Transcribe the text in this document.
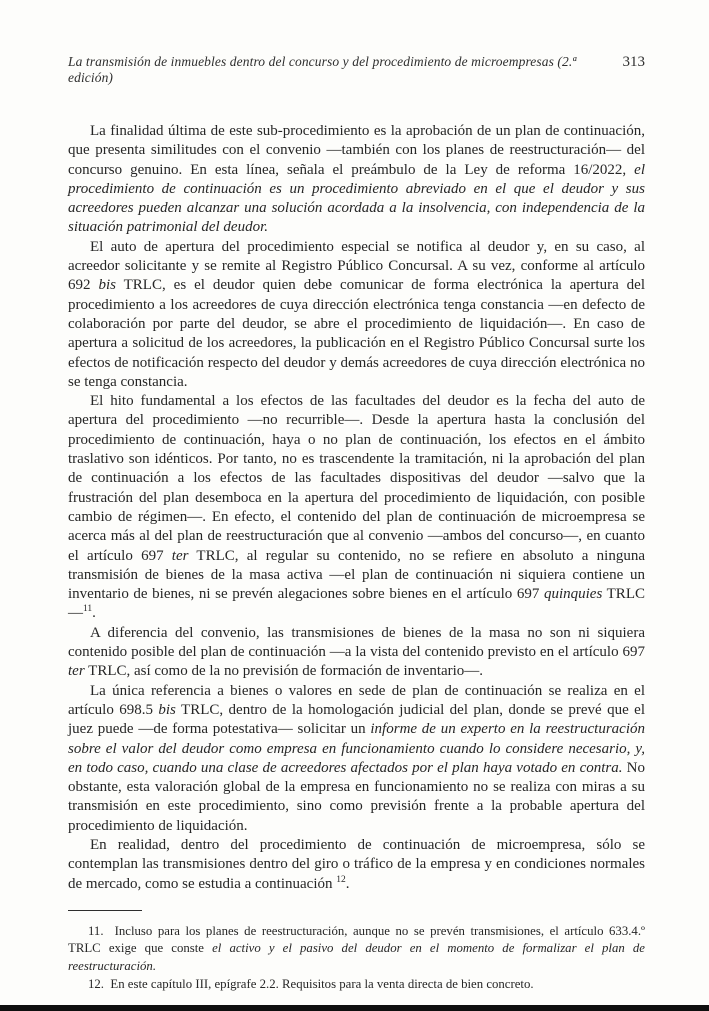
La transmisión de inmuebles dentro del concurso y del procedimiento de microempresas (2.ª edición)
313

La finalidad última de este sub-procedimiento es la aprobación de un plan de continuación, que presenta similitudes con el convenio —también con los planes de reestructuración— del concurso genuino. En esta línea, señala el preámbulo de la Ley de reforma 16/2022, el procedimiento de continuación es un procedimiento abreviado en el que el deudor y sus acreedores pueden alcanzar una solución acordada a la insolvencia, con independencia de la situación patrimonial del deudor.

El auto de apertura del procedimiento especial se notifica al deudor y, en su caso, al acreedor solicitante y se remite al Registro Público Concursal. A su vez, conforme al artículo 692 bis TRLC, es el deudor quien debe comunicar de forma electrónica la apertura del procedimiento a los acreedores de cuya dirección electrónica tenga constancia —en defecto de colaboración por parte del deudor, se abre el procedimiento de liquidación—. En caso de apertura a solicitud de los acreedores, la publicación en el Registro Público Concursal surte los efectos de notificación respecto del deudor y demás acreedores de cuya dirección electrónica no se tenga constancia.

El hito fundamental a los efectos de las facultades del deudor es la fecha del auto de apertura del procedimiento —no recurrible—. Desde la apertura hasta la conclusión del procedimiento de continuación, haya o no plan de continuación, los efectos en el ámbito traslativo son idénticos. Por tanto, no es trascendente la tramitación, ni la aprobación del plan de continuación a los efectos de las facultades dispositivas del deudor —salvo que la frustración del plan desemboca en la apertura del procedimiento de liquidación, con posible cambio de régimen—. En efecto, el contenido del plan de continuación de microempresa se acerca más al del plan de reestructuración que al convenio —ambos del concurso—, en cuanto el artículo 697 ter TRLC, al regular su contenido, no se refiere en absoluto a ninguna transmisión de bienes de la masa activa —el plan de continuación ni siquiera contiene un inventario de bienes, ni se prevén alegaciones sobre bienes en el artículo 697 quinquies TRLC—$^{11}$.

A diferencia del convenio, las transmisiones de bienes de la masa no son ni siquiera contenido posible del plan de continuación —a la vista del contenido previsto en el artículo 697 ter TRLC, así como de la no previsión de formación de inventario—.

La única referencia a bienes o valores en sede de plan de continuación se realiza en el artículo 698.5 bis TRLC, dentro de la homologación judicial del plan, donde se prevé que el juez puede —de forma potestativa— solicitar un informe de un experto en la reestructuración sobre el valor del deudor como empresa en funcionamiento cuando lo considere necesario, y, en todo caso, cuando una clase de acreedores afectados por el plan haya votado en contra. No obstante, esta valoración global de la empresa en funcionamiento no se realiza con miras a su transmisión en este procedimiento, sino como previsión frente a la probable apertura del procedimiento de liquidación.

En realidad, dentro del procedimiento de continuación de microempresa, sólo se contemplan las transmisiones dentro del giro o tráfico de la empresa y en condiciones normales de mercado, como se estudia a continuación $^{12}$.

11.  Incluso para los planes de reestructuración, aunque no se prevén transmisiones, el artículo 633.4.º TRLC exige que conste el activo y el pasivo del deudor en el momento de formalizar el plan de reestructuración.

12.  En este capítulo III, epígrafe 2.2. Requisitos para la venta directa de bien concreto.
